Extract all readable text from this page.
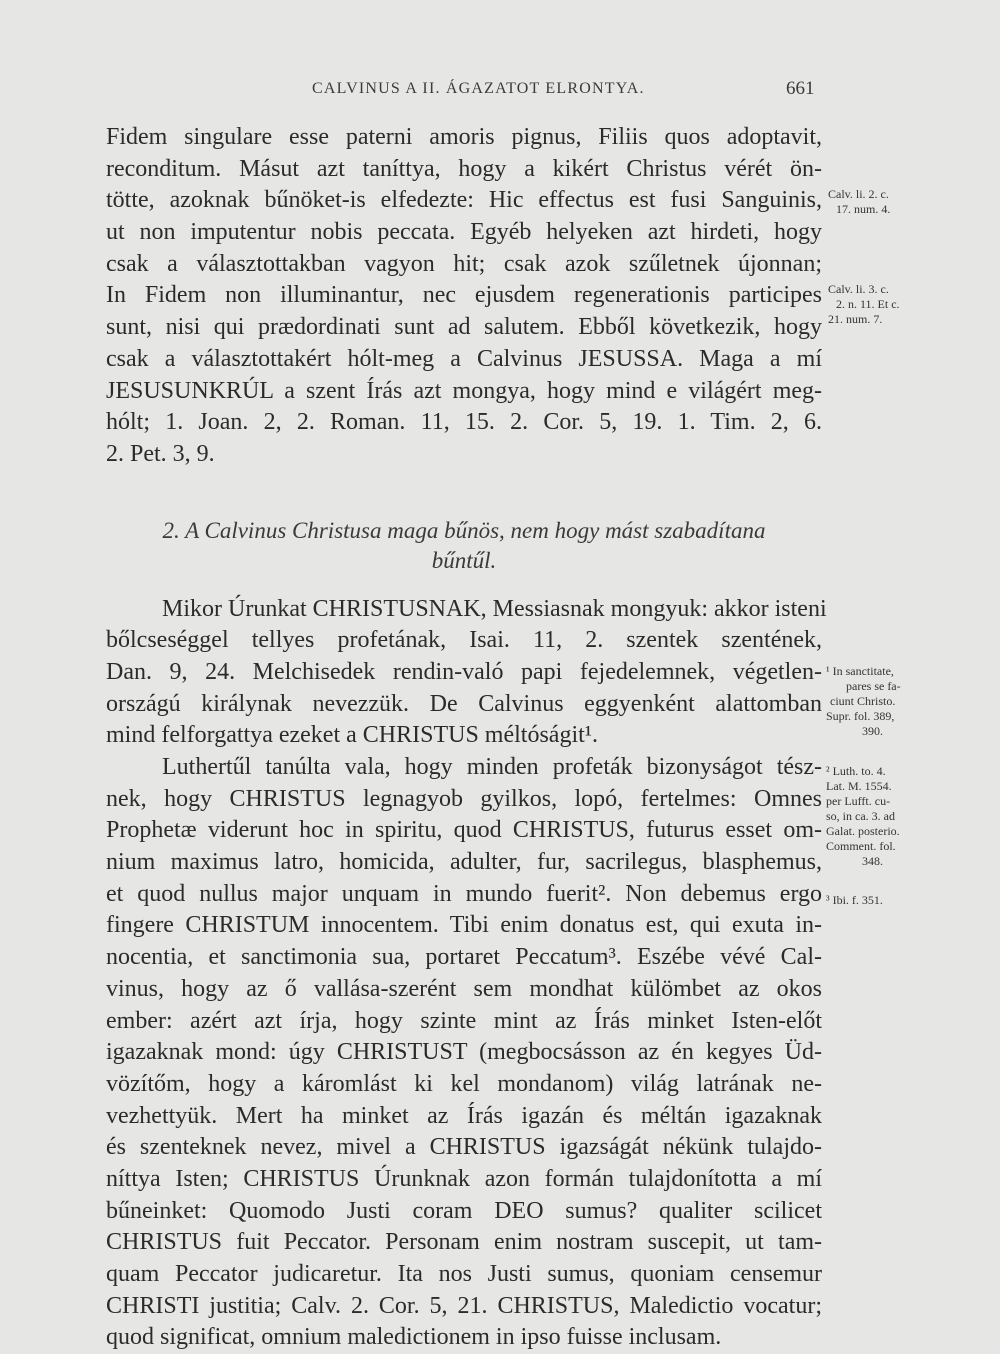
CALVINUS A II. ÁGAZATOT ELRONTYA.	661
Fidem singulare esse paterni amoris pignus, Filiis quos adoptavit,
reconditum. Másut azt taníttya, hogy a kikért Christus vérét ön-
tötte, azoknak bűnöket-is elfedezte: Hic effectus est fusi Sanguinis,
ut non imputentur nobis peccata. Egyéb helyeken azt hirdeti, hogy
csak a választottakban vagyon hit; csak azok szűletnek újonnan;
In Fidem non illuminantur, nec ejusdem regenerationis participes
sunt, nisi qui prædordinati sunt ad salutem. Ebből következik, hogy
csak a választottakért hólt-meg a Calvinus JESUSSA. Maga a mí
JESUSUNKRÚL a szent Írás azt mongya, hogy mind e világért meg-
hólt; 1. Joan. 2, 2. Roman. 11, 15. 2. Cor. 5, 19. 1. Tim. 2, 6.
2. Pet. 3, 9.
2. A Calvinus Christusa maga bűnös, nem hogy mást szabadítana
bűntűl.
Mikor Úrunkat CHRISTUSNAK, Messiasnak mongyuk: akkor isteni
bőlcseséggel tellyes profetának, Isai. 11, 2. szentek szentének,
Dan. 9, 24. Melchisedek rendin-való papi fejedelemnek, végetlen-
országú királynak nevezzük. De Calvinus eggyenként alattomban
mind felforgattya ezeket a CHRISTUS méltóságit¹.
Luthertűl tanúlta vala, hogy minden profeták bizonyságot tész-
nek, hogy CHRISTUS legnagyob gyilkos, lopó, fertelmes: Omnes
Prophetæ viderunt hoc in spiritu, quod CHRISTUS, futurus esset om-
nium maximus latro, homicida, adulter, fur, sacrilegus, blasphemus,
et quod nullus major unquam in mundo fuerit². Non debemus ergo
fingere CHRISTUM innocentem. Tibi enim donatus est, qui exuta in-
nocentia, et sanctimonia sua, portaret Peccatum³. Eszébe vévé Cal-
vinus, hogy az ő vallása-szerént sem mondhat külömbet az okos
ember: azért azt írja, hogy szinte mint az Írás minket Isten-előt
igazaknak mond: úgy CHRISTUST (megbocsásson az én kegyes Üd-
vözítőm, hogy a káromlást ki kel mondanom) világ latrának ne-
vezhettyük. Mert ha minket az Írás igazán és méltán igazaknak
és szenteknek nevez, mivel a CHRISTUS igazságát nékünk tulajdo-
níttya Isten; CHRISTUS Úrunknak azon formán tulajdonította a mí
bűneinket: Quomodo Justi coram DEO sumus? qualiter scilicet
CHRISTUS fuit Peccator. Personam enim nostram suscepit, ut tam-
quam Peccator judicaretur. Ita nos Justi sumus, quoniam censemur
CHRISTI justitia; Calv. 2. Cor. 5, 21. CHRISTUS, Maledictio vocatur;
quod significat, omnium maledictionem in ipso fuisse inclusam.
Calv. li. 2. c.
17. num. 4.
Calv. li. 3. c.
2. n. 11. Et c.
21. num. 7.
¹ In sanctitate,
pares se fa-
ciunt Christo.
Supr. fol. 389,
390.
² Luth. to. 4.
Lat. M. 1554.
per Lufft. cu-
so, in ca. 3. ad
Galat. posterio.
Comment. fol.
348.
³ Ibi. f. 351.
